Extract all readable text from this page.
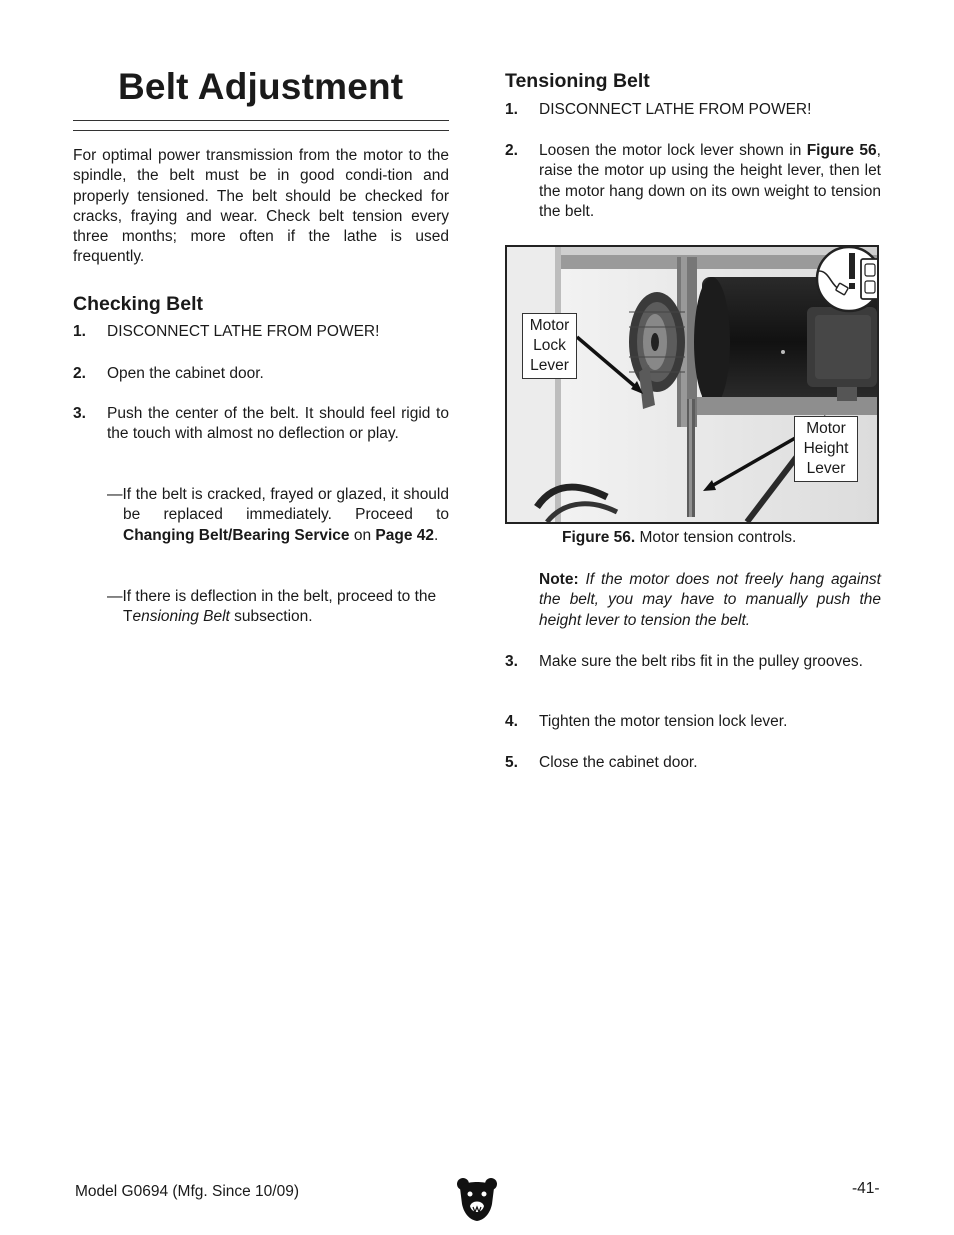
Belt Adjustment
For optimal power transmission from the motor to the spindle, the belt must be in good condi-tion and properly tensioned. The belt should be checked for cracks, fraying and wear. Check belt tension every three months; more often if the lathe is used frequently.
Checking Belt
1. DISCONNECT LATHE FROM POWER!
2. Open the cabinet door.
3. Push the center of the belt. It should feel rigid to the touch with almost no deflection or play.
—If the belt is cracked, frayed or glazed, it should be replaced immediately. Proceed to Changing Belt/Bearing Service on Page 42.
—If there is deflection in the belt, proceed to the Tensioning Belt subsection.
Tensioning Belt
1. DISCONNECT LATHE FROM POWER!
2. Loosen the motor lock lever shown in Figure 56, raise the motor up using the height lever, then let the motor hang down on its own weight to tension the belt.
Motor
Lock
Lever
Motor
Height
Lever
Figure 56. Motor tension controls.
Note: If the motor does not freely hang against the belt, you may have to manually push the height lever to tension the belt.
3. Make sure the belt ribs fit in the pulley grooves.
4. Tighten the motor tension lock lever.
5. Close the cabinet door.
Model G0694 (Mfg. Since 10/09)	-41-
